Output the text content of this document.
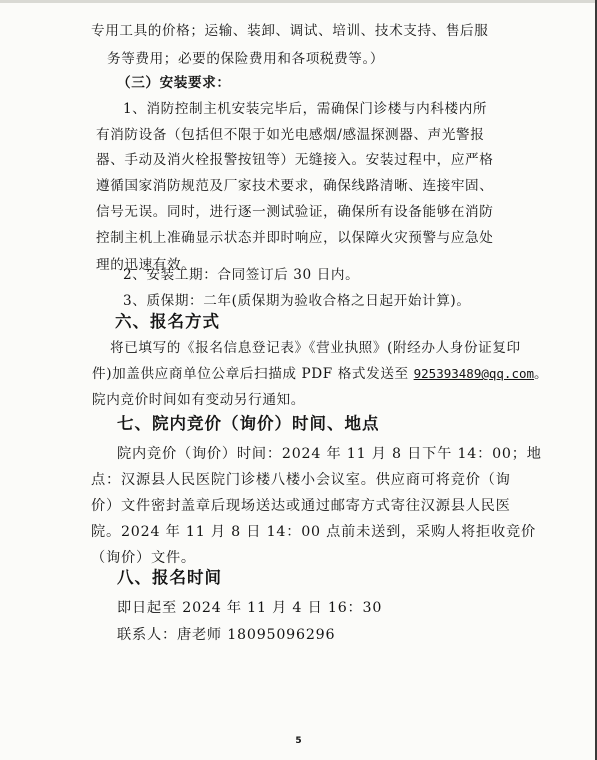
专用工具的价格；运输、装卸、调试、培训、技术支持、售后服
务等费用；必要的保险费用和各项税费等。）
（三）安装要求：
1、消防控制主机安装完毕后，需确保门诊楼与内科楼内所
有消防设备（包括但不限于如光电感烟/感温探测器、声光警报
器、手动及消火栓报警按钮等）无缝接入。安装过程中，应严格
遵循国家消防规范及厂家技术要求，确保线路清晰、连接牢固、
信号无误。同时，进行逐一测试验证，确保所有设备能够在消防
控制主机上准确显示状态并即时响应，以保障火灾预警与应急处
理的迅速有效。
2、安装工期：合同签订后 30 日内。
3、质保期：二年(质保期为验收合格之日起开始计算)。
六、报名方式
将已填写的《报名信息登记表》《营业执照》(附经办人身份证复印
件)加盖供应商单位公章后扫描成 PDF 格式发送至 925393489@qq.com。
院内竞价时间如有变动另行通知。
七、院内竞价（询价）时间、地点
院内竞价（询价）时间：2024 年 11 月 8 日下午 14：00；地
点：汉源县人民医院门诊楼八楼小会议室。供应商可将竞价（询
价）文件密封盖章后现场送达或通过邮寄方式寄往汉源县人民医
院。2024 年 11 月 8 日 14：00 点前未送到，采购人将拒收竞价
（询价）文件。
八、报名时间
即日起至 2024 年 11 月 4 日 16：30
联系人：唐老师 18095096296
5
